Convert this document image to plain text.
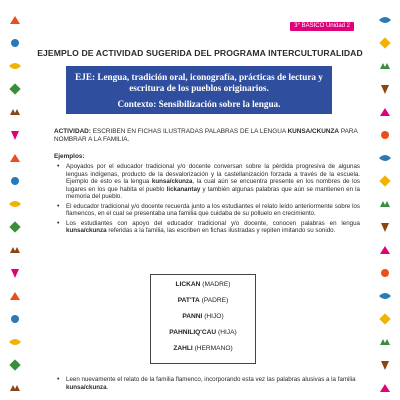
3° BÁSICO Unidad 2
EJEMPLO DE ACTIVIDAD SUGERIDA DEL PROGRAMA INTERCULTURALIDAD
EJE: Lengua, tradición oral, iconografía, prácticas de lectura y
escritura de los pueblos originarios.
Contexto: Sensibilización sobre la lengua.
ACTIVIDAD: ESCRIBEN EN FICHAS ILUSTRADAS PALABRAS DE LA LENGUA KUNSA/CKUNZA PARA NOMBRAR A LA FAMILIA.
Ejemplos:
• Apoyados por el educador tradicional y/o docente conversan sobre la pérdida progresiva de algunas lenguas indígenas, producto de la desvalorización y la castellanización forzada a través de la escuela. Ejemplo de esto es la lengua kunsa/ckunza, la cual aún se encuentra presente en los nombres de los lugares en los que habita el pueblo lickanantay y también algunas palabras que aún se mantienen en la memoria del pueblo.
• El educador tradicional y/o docente recuerda junto a los estudiantes el relato leído anteriormente sobre los flamencos, en el cual se presentaba una familia que cuidaba de su polluelo en crecimiento.
• Los estudiantes con apoyo del educador tradicional y/o docente, conocen palabras en lengua kunsa/ckunza referidas a la familia, las escriben en fichas ilustradas y repiten imitando su sonido.
LICKAN (MADRE)
PAT'TA (PADRE)
PANNI (HIJO)
PAHNILIQ'CAU (HIJA)
ZAHLI (HERMANO)
• Leen nuevamente el relato de la familia flamenco, incorporando esta vez las palabras alusivas a la familia kunsa/ckunza.
